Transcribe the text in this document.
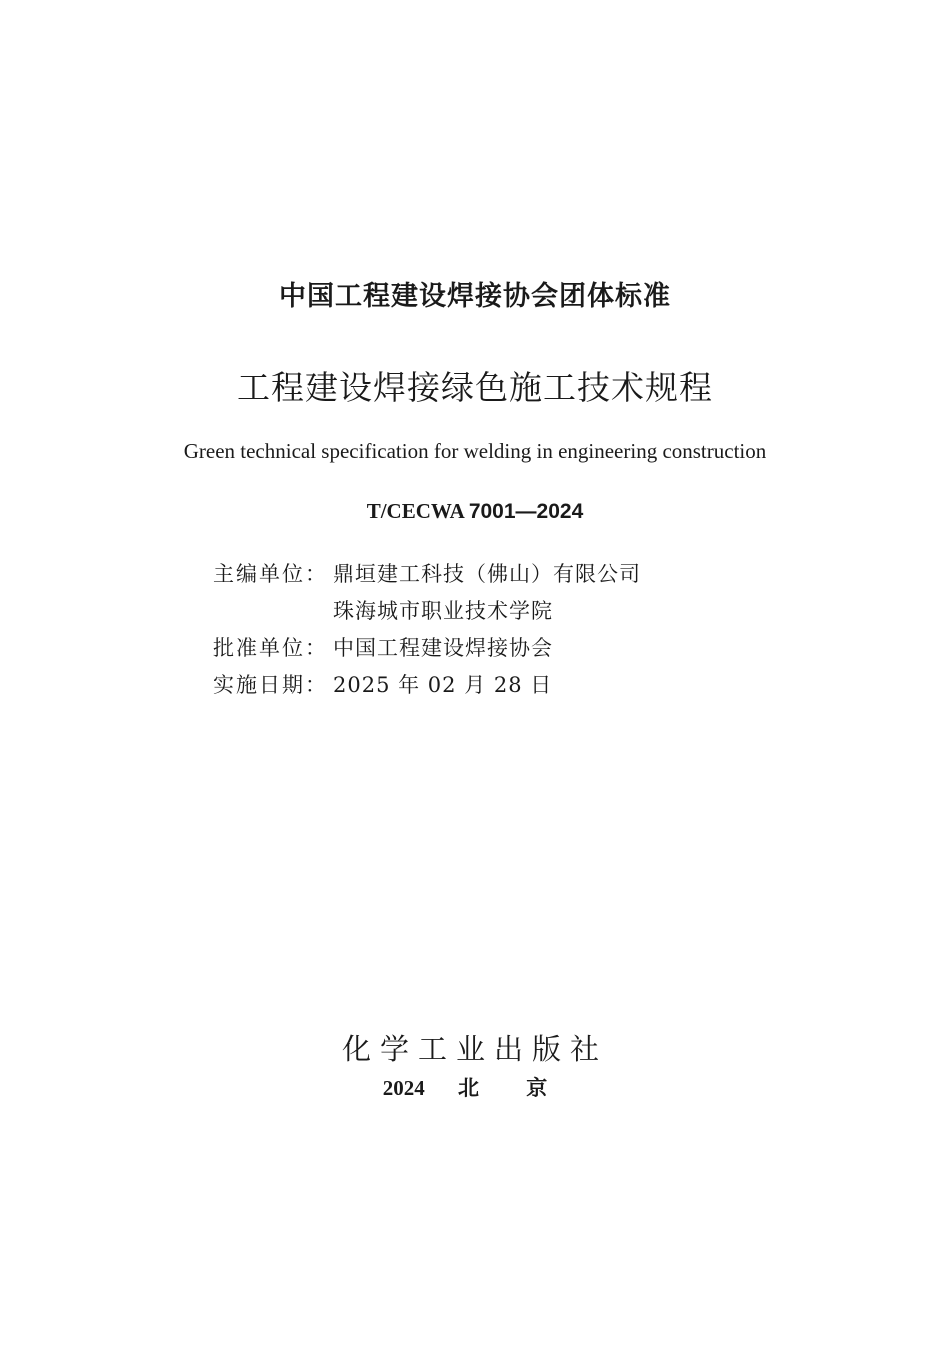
中国工程建设焊接协会团体标准
工程建设焊接绿色施工技术规程
Green technical specification for welding in engineering construction
T/CECWA 7001—2024
主编单位： 鼎垣建工科技（佛山）有限公司
珠海城市职业技术学院
批准单位： 中国工程建设焊接协会
实施日期： 2025 年 02 月 28 日
化学工业出版社
2024 北 京
